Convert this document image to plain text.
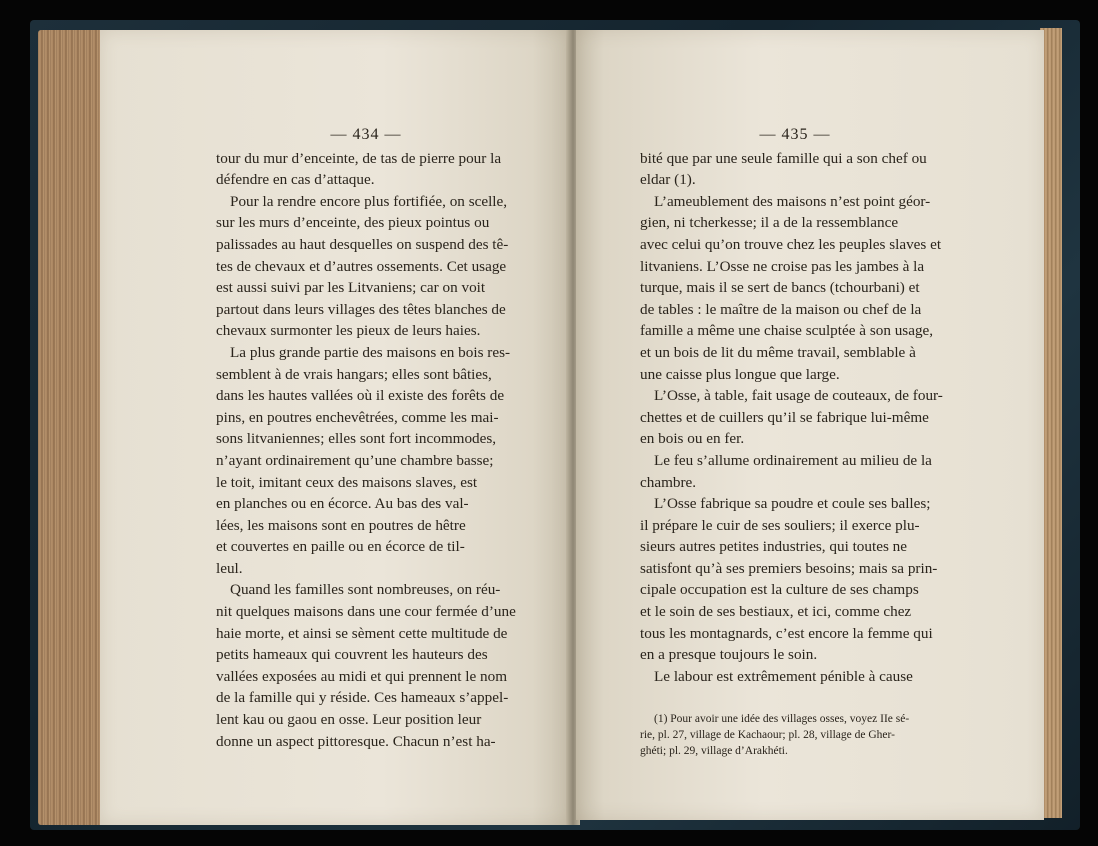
— 434 —
tour du mur d’enceinte, de tas de pierre pour la
défendre en cas d’attaque.
Pour la rendre encore plus fortifiée, on scelle,
sur les murs d’enceinte, des pieux pointus ou
palissades au haut desquelles on suspend des tê-
tes de chevaux et d’autres ossements. Cet usage
est aussi suivi par les Litvaniens; car on voit
partout dans leurs villages des têtes blanches de
chevaux surmonter les pieux de leurs haies.
La plus grande partie des maisons en bois res-
semblent à de vrais hangars; elles sont bâties,
dans les hautes vallées où il existe des forêts de
pins, en poutres enchevêtrées, comme les mai-
sons litvaniennes; elles sont fort incommodes,
n’ayant ordinairement qu’une chambre basse;
le toit, imitant ceux des maisons slaves, est
en planches ou en écorce. Au bas des val-
lées, les maisons sont en poutres de hêtre
et couvertes en paille ou en écorce de til-
leul.
Quand les familles sont nombreuses, on réu-
nit quelques maisons dans une cour fermée d’une
haie morte, et ainsi se sèment cette multitude de
petits hameaux qui couvrent les hauteurs des
vallées exposées au midi et qui prennent le nom
de la famille qui y réside. Ces hameaux s’appel-
lent kau ou gaou en osse. Leur position leur
donne un aspect pittoresque. Chacun n’est ha-
— 435 —
bité que par une seule famille qui a son chef ou
eldar (1).
L’ameublement des maisons n’est point géor-
gien, ni tcherkesse; il a de la ressemblance
avec celui qu’on trouve chez les peuples slaves et
litvaniens. L’Osse ne croise pas les jambes à la
turque, mais il se sert de bancs (tchourbani) et
de tables : le maître de la maison ou chef de la
famille a même une chaise sculptée à son usage,
et un bois de lit du même travail, semblable à
une caisse plus longue que large.
L’Osse, à table, fait usage de couteaux, de four-
chettes et de cuillers qu’il se fabrique lui-même
en bois ou en fer.
Le feu s’allume ordinairement au milieu de la
chambre.
L’Osse fabrique sa poudre et coule ses balles;
il prépare le cuir de ses souliers; il exerce plu-
sieurs autres petites industries, qui toutes ne
satisfont qu’à ses premiers besoins; mais sa prin-
cipale occupation est la culture de ses champs
et le soin de ses bestiaux, et ici, comme chez
tous les montagnards, c’est encore la femme qui
en a presque toujours le soin.
Le labour est extrêmement pénible à cause
(1) Pour avoir une idée des villages osses, voyez IIe sé-
rie, pl. 27, village de Kachaour; pl. 28, village de Gher-
ghéti; pl. 29, village d’Arakhéti.
